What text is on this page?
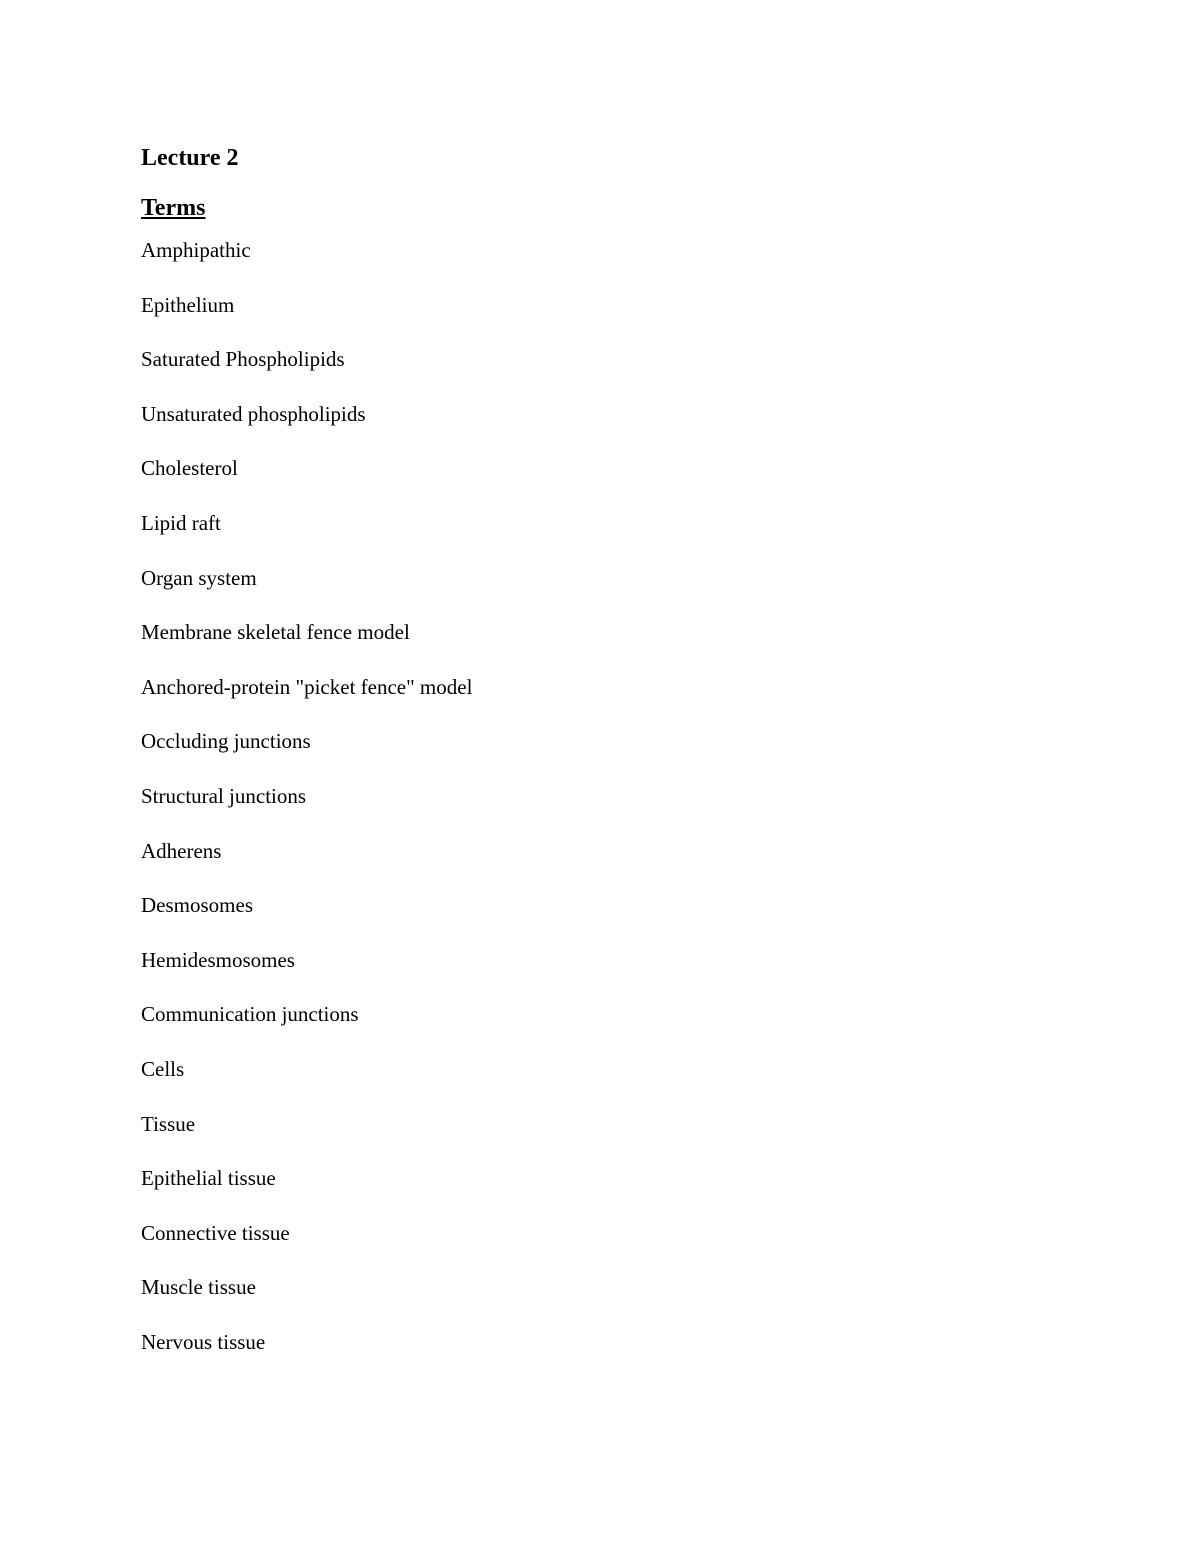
Lecture 2
Terms
Amphipathic
Epithelium
Saturated Phospholipids
Unsaturated phospholipids
Cholesterol
Lipid raft
Organ system
Membrane skeletal fence model
Anchored-protein "picket fence" model
Occluding junctions
Structural junctions
Adherens
Desmosomes
Hemidesmosomes
Communication junctions
Cells
Tissue
Epithelial tissue
Connective tissue
Muscle tissue
Nervous tissue
